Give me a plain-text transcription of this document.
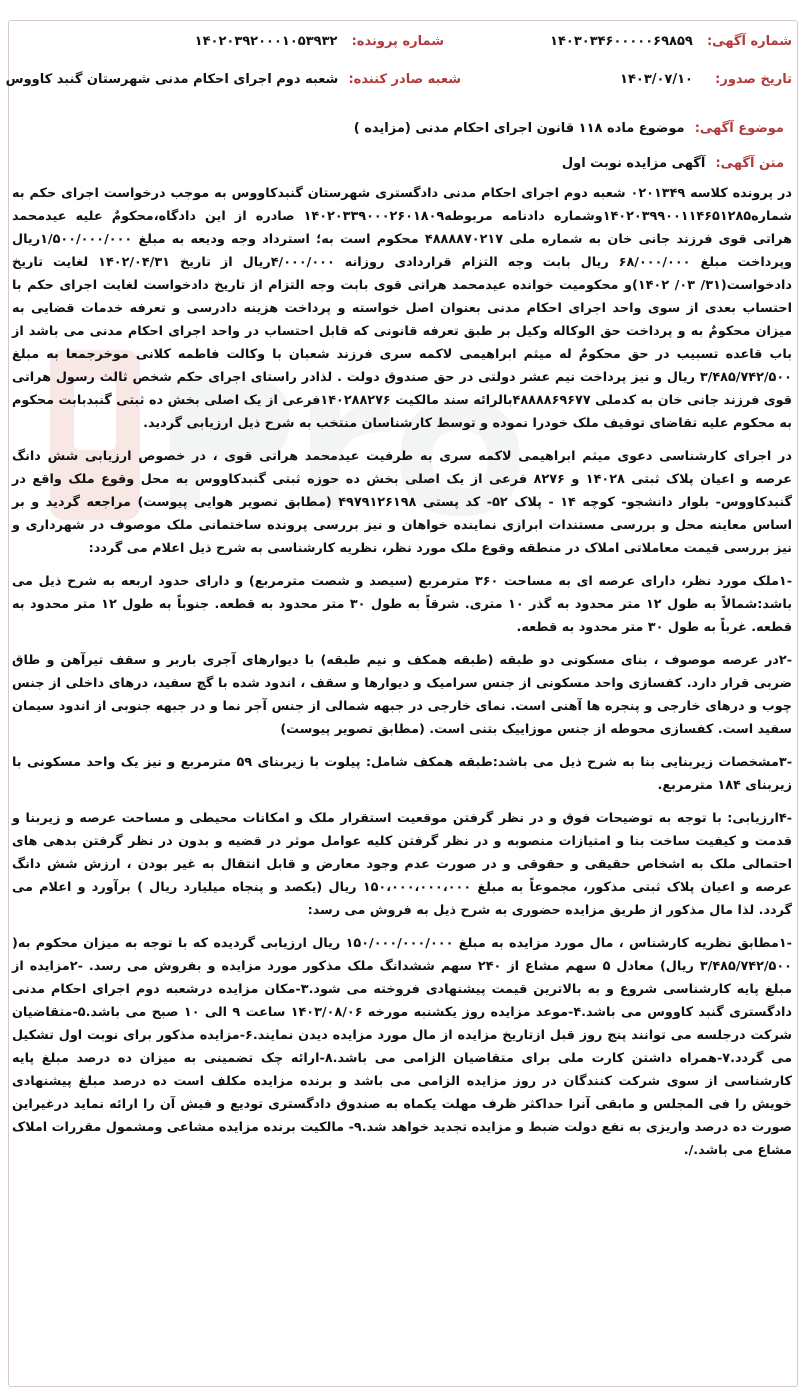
شماره آگهی: ۱۴۰۳۰۳۴۶۰۰۰۰۰۶۹۸۵۹
شماره پرونده: ۱۴۰۲۰۳۹۲۰۰۰۱۰۵۳۹۳۲
تاریخ صدور: ۱۴۰۳/۰۷/۱۰
شعبه صادر کننده: شعبه دوم اجرای احکام مدنی شهرستان گنبد کاووس
موضوع آگهی: موضوع ماده ۱۱۸ قانون اجرای احکام مدنی (مزایده )
متن آگهی: آگهی مزایده نوبت اول

در پرونده کلاسه ۰۲۰۱۳۴۹ شعبه دوم اجرای احکام مدنی دادگستری شهرستان گنبدکاووس به موجب درخواست اجرای حکم به شماره۱۴۰۲۰۳۹۹۰۰۱۱۴۶۵۱۲۸۵وشماره دادنامه مربوطه۱۴۰۲۰۳۳۹۰۰۰۲۶۰۱۸۰۹ صادره از این دادگاه،محکومٌ علیه عیدمحمد هراتی قوی فرزند جانی خان به شماره ملی ۴۸۸۸۸۷۰۲۱۷ محکوم است به؛ استرداد وجه ودیعه به مبلغ ۱/۵۰۰/۰۰۰/۰۰۰ریال وپرداخت مبلغ ۶۸/۰۰۰/۰۰۰ ریال بابت وجه التزام قراردادی روزانه ۴/۰۰۰/۰۰۰ریال از تاریخ ۱۴۰۲/۰۴/۳۱ لغایت تاریخ دادخواست(۳۱/ ۰۳/ ۱۴۰۲)و محکومیت خوانده عیدمحمد هراتی قوی بابت وجه التزام از تاریخ دادخواست لغایت اجرای حکم با احتساب بعدی از سوی واحد اجرای احکام مدنی بعنوان اصل خواسته و پرداخت هزینه دادرسی و تعرفه خدمات قضایی به میزان محکومٌ به و پرداخت حق الوکاله وکیل بر طبق تعرفه قانونی که قابل احتساب در واحد اجرای احکام مدنی می باشد از باب قاعده تسبیب در حق محکومٌ له میثم ابراهیمی لاکمه سری فرزند شعبان با وکالت فاطمه کلانی موخرجمعا به مبلغ ۳/۴۸۵/۷۴۲/۵۰۰ ریال و نیز پرداخت نیم عشر دولتی در حق صندوق دولت . لذادر راستای اجرای حکم شخص ثالث رسول هراتی قوی فرزند جانی خان به کدملی ۴۸۸۸۸۶۹۶۷۷بالرائه سند مالکیت ۱۴۰۲۸۸۲۷۶فرعی از یک اصلی بخش ده ثبتی گنبدبابت محکوم به محکوم علیه تقاضای توقیف ملک خودرا نموده و توسط کارشناسان منتخب به شرح ذیل ارزیابی گردید.

در اجرای کارشناسی دعوی میثم ابراهیمی لاکمه سری به طرفیت عیدمحمد هراتی قوی ، در خصوص ارزیابی شش دانگ عرصه و اعیان پلاک ثبتی ۱۴۰۲۸ و ۸۲۷۶ فرعی از یک اصلی بخش ده حوزه ثبتی گنبدکاووس به محل وقوع ملک واقع در گنبدکاووس- بلوار دانشجو- کوچه ۱۴ - پلاک ۵۲- کد پستی ۴۹۷۹۱۲۶۱۹۸ (مطابق تصویر هوایی پیوست) مراجعه گردید و بر اساس معاینه محل و بررسی مستندات ابرازی نماینده خواهان و نیز بررسی پرونده ساختمانی ملک موصوف در شهرداری و نیز بررسی قیمت معاملاتی املاک در منطقه وقوع ملک مورد نظر، نظریه کارشناسی به شرح ذیل اعلام می گردد:

-۱ملک مورد نظر، دارای عرصه ای به مساحت ۳۶۰ مترمربع (سیصد و شصت مترمربع) و دارای حدود اربعه به شرح ذیل می باشد:شمالاً به طول ۱۲ متر محدود به گذر ۱۰ متری. شرقاً به طول ۳۰ متر محدود به قطعه. جنوباً به طول ۱۲ متر محدود به قطعه. غرباً به طول ۳۰ متر محدود به قطعه.

-۲در عرصه موصوف ، بنای مسکونی دو طبقه (طبقه همکف و نیم طبقه) با دیوارهای آجری باربر و سقف تیرآهن و طاق ضربی قرار دارد. کفسازی واحد مسکونی از جنس سرامیک و دیوارها و سقف ، اندود شده با گچ سفید، درهای داخلی از جنس چوب و درهای خارجی و پنجره ها آهنی است. نمای خارجی در جبهه شمالی از جنس آجر نما و در جبهه جنوبی از اندود سیمان سفید است. کفسازی محوطه از جنس موزاییک بتنی است. (مطابق تصویر پیوست)

-۳مشخصات زیربنایی بنا به شرح ذیل می باشد:طبقه همکف شامل: پیلوت با زیربنای ۵۹ مترمربع و نیز یک واحد مسکونی با زیربنای ۱۸۴ مترمربع.

-۴ارزیابی: با توجه به توضیحات فوق و در نظر گرفتن موقعیت استقرار ملک و امکانات محیطی و مساحت عرصه و زیربنا و قدمت و کیفیت ساخت بنا و امتیازات منصوبه و در نظر گرفتن کلیه عوامل موثر در قضیه و بدون در نظر گرفتن بدهی های احتمالی ملک به اشخاص حقیقی و حقوقی و در صورت عدم وجود معارض و قابل انتقال به غیر بودن ، ارزش شش دانگ عرصه و اعیان پلاک ثبتی مذکور، مجموعاً به مبلغ ۱۵۰،۰۰۰،۰۰۰،۰۰۰ ریال (یکصد و پنجاه میلیارد ریال ) برآورد و اعلام می گردد. لذا مال مذکور از طریق مزایده حضوری به شرح ذیل به فروش می رسد:

-۱مطابق نظریه کارشناس ، مال مورد مزایده به مبلغ ۱۵۰/۰۰۰/۰۰۰/۰۰۰ ریال ارزیابی گردیده که با توجه به میزان محکوم به( ۳/۴۸۵/۷۴۲/۵۰۰ ریال) معادل ۵ سهم مشاع از ۲۴۰ سهم ششدانگ ملک مذکور مورد مزایده و بفروش می رسد. -۲مزایده از مبلغ پایه کارشناسی شروع و به بالاترین قیمت پیشنهادی فروخته می شود.۳-مکان مزایده درشعبه دوم اجرای احکام مدنی دادگستری گنبد کاووس می باشد.۴-موعد مزایده روز یکشنبه مورخه ۱۴۰۳/۰۸/۰۶ ساعت ۹ الی ۱۰ صبح می باشد.۵-متقاضیان شرکت درجلسه می توانند پنج روز قبل ازتاریخ مزایده از مال مورد مزایده دیدن نمایند.۶-مزایده مذکور برای نوبت اول تشکیل می گردد.۷-همراه داشتن کارت ملی برای متقاضیان الزامی می باشد.۸-ارائه چک تضمینی به میزان ده درصد مبلغ پایه کارشناسی از سوی شرکت کنندگان در روز مزایده الزامی می باشد و برنده مزایده مکلف است ده درصد مبلغ پیشنهادی خویش را فی المجلس و مابقی آنرا حداکثر ظرف مهلت یکماه به صندوق دادگستری تودیع و فیش آن را ارائه نماید درغیراین صورت ده درصد واریزی به نفع دولت ضبط و مزایده تجدید خواهد شد.۹- مالکیت برنده مزایده مشاعی ومشمول مقررات املاک مشاع می باشد./.
